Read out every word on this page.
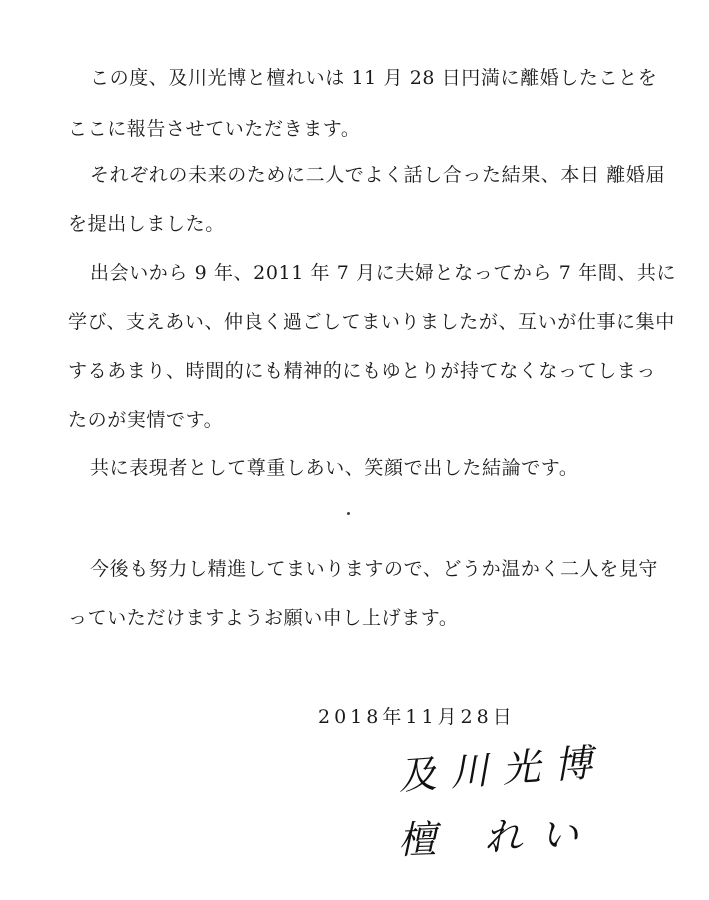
この度、及川光博と檀れいは 11 月 28 日円満に離婚したことを
ここに報告させていただきます。
それぞれの未来のために二人でよく話し合った結果、本日 離婚届
を提出しました。
出会いから 9 年、2011 年 7 月に夫婦となってから 7 年間、共に
学び、支えあい、仲良く過ごしてまいりましたが、互いが仕事に集中
するあまり、時間的にも精神的にもゆとりが持てなくなってしまっ
たのが実情です。
共に表現者として尊重しあい、笑顔で出した結論です。
今後も努力し精進してまいりますので、どうか温かく二人を見守
っていただけますようお願い申し上げます。
2018年11月28日
及川光博
檀 れい
